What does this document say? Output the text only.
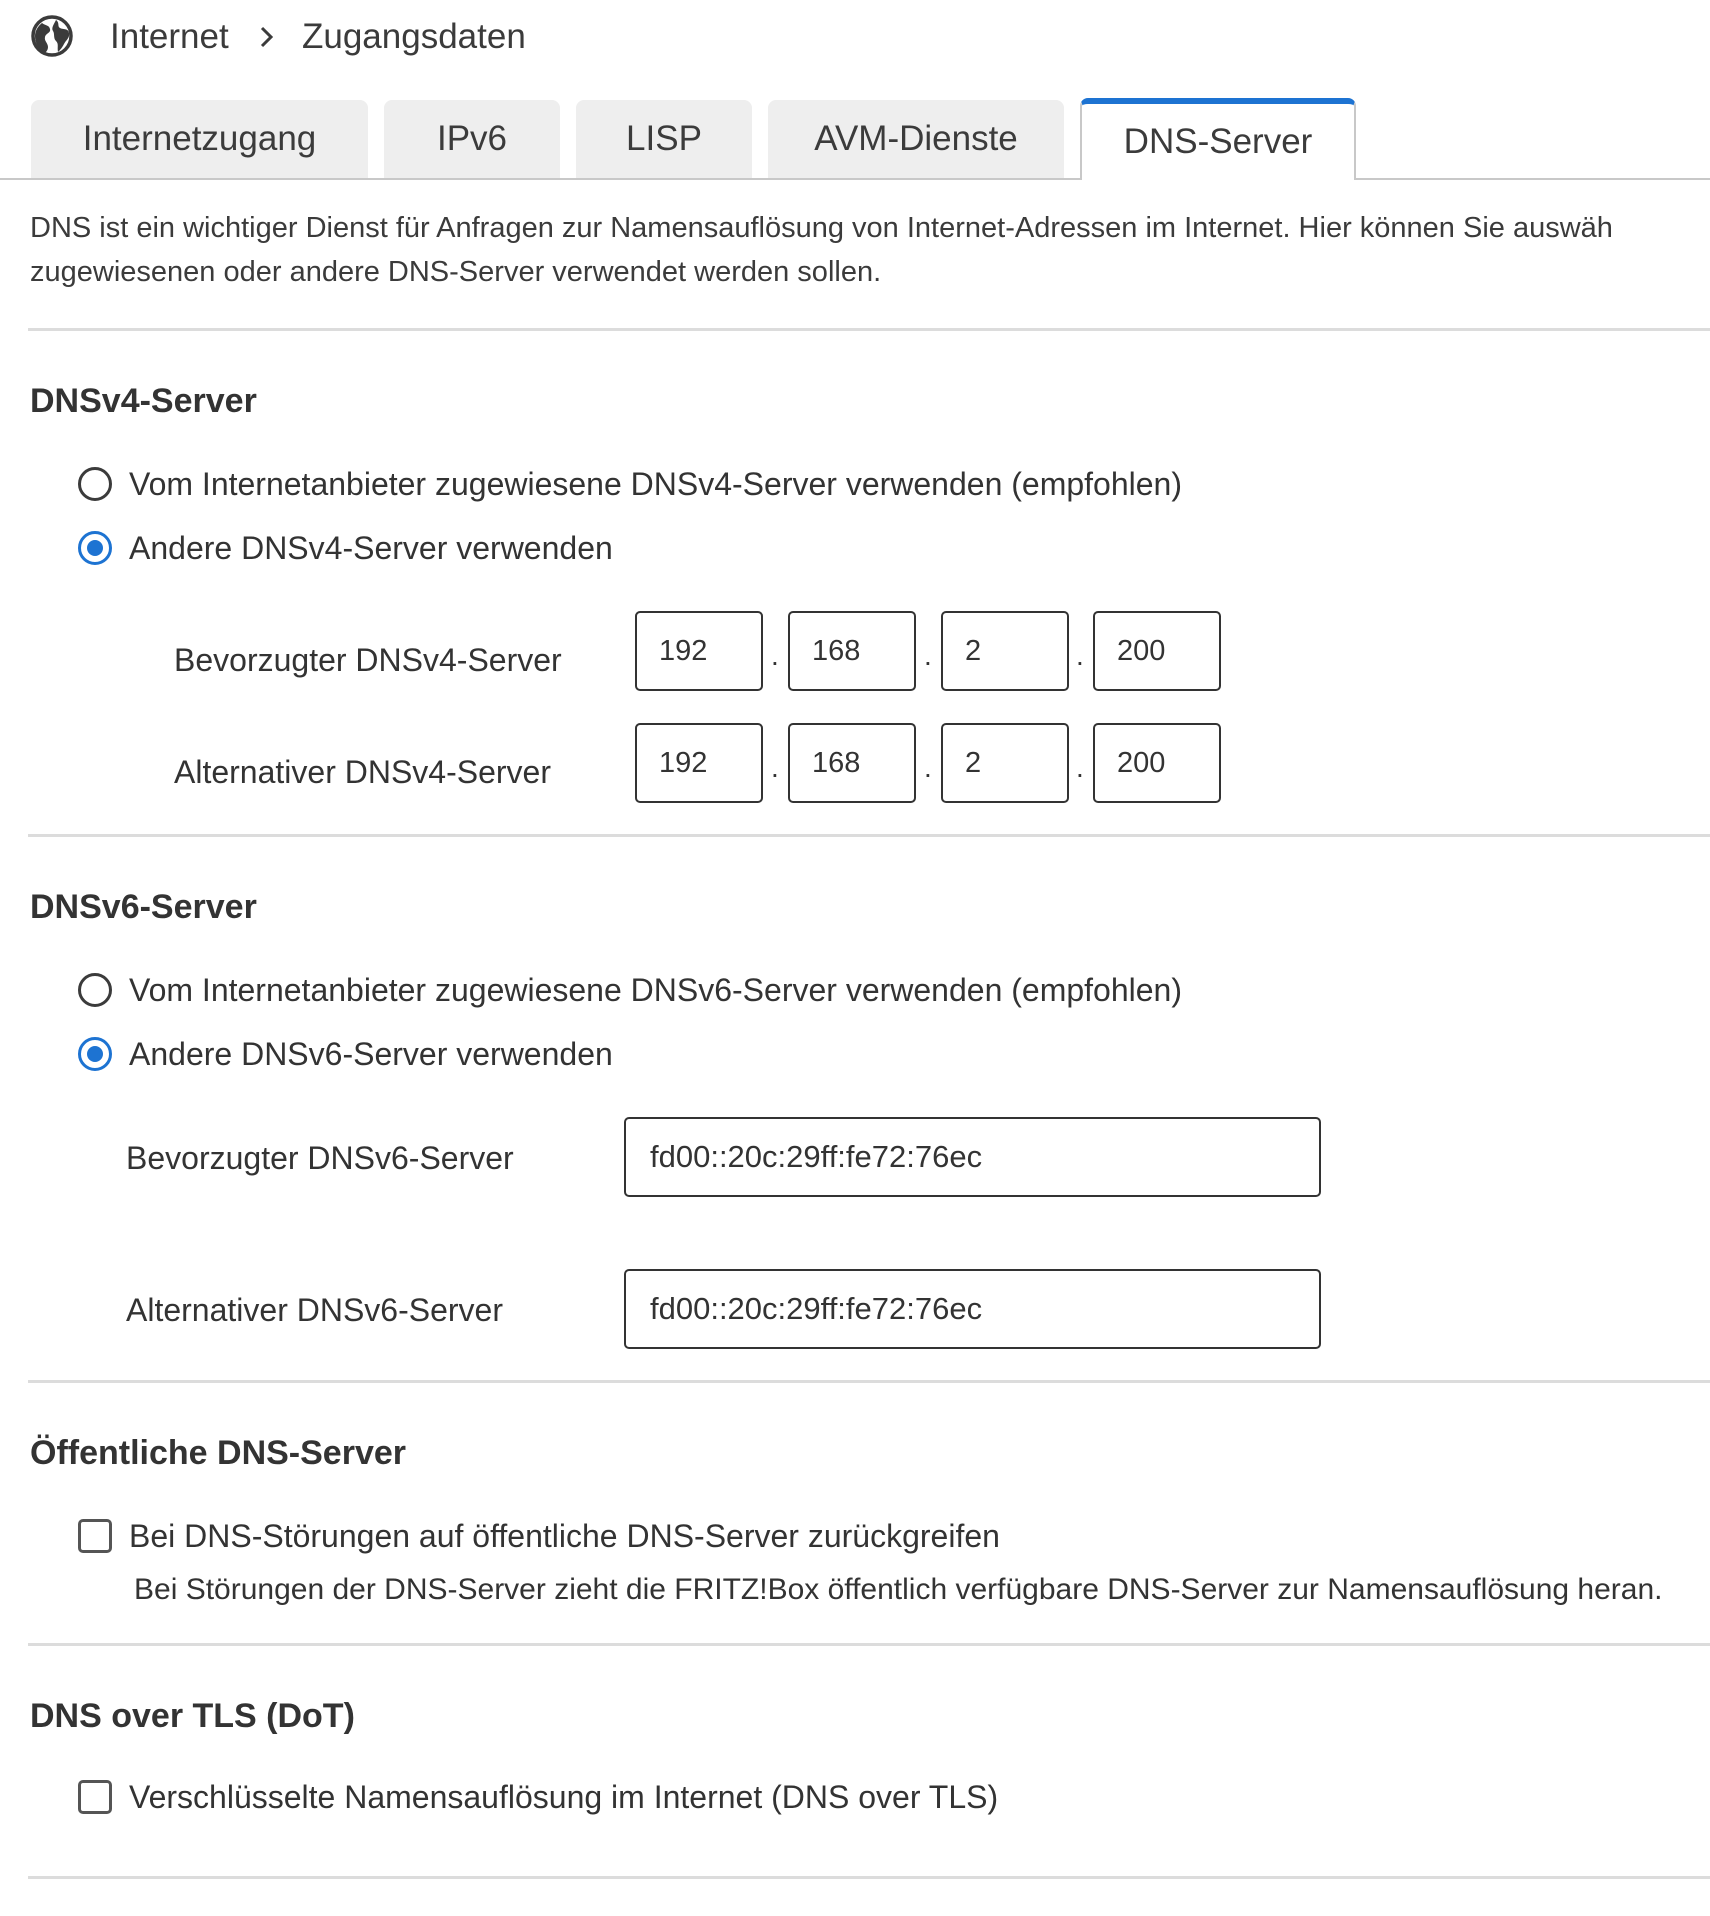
Internet Zugangsdaten
Internetzugang	IPv6	LISP	AVM-Dienste	DNS-Server
DNS ist ein wichtiger Dienst für Anfragen zur Namensauflösung von Internet-Adressen im Internet. Hier können Sie auswäh
zugewiesenen oder andere DNS-Server verwendet werden sollen.
DNSv4-Server
Vom Internetanbieter zugewiesene DNSv4-Server verwenden (empfohlen)
Andere DNSv4-Server verwenden
Bevorzugter DNSv4-Server	192	.	168	.	2	.	200
Alternativer DNSv4-Server	192	.	168	.	2	.	200
DNSv6-Server
Vom Internetanbieter zugewiesene DNSv6-Server verwenden (empfohlen)
Andere DNSv6-Server verwenden
Bevorzugter DNSv6-Server	fd00::20c:29ff:fe72:76ec
Alternativer DNSv6-Server	fd00::20c:29ff:fe72:76ec
Öffentliche DNS-Server
Bei DNS-Störungen auf öffentliche DNS-Server zurückgreifen
Bei Störungen der DNS-Server zieht die FRITZ!Box öffentlich verfügbare DNS-Server zur Namensauflösung heran.
DNS over TLS (DoT)
Verschlüsselte Namensauflösung im Internet (DNS over TLS)
